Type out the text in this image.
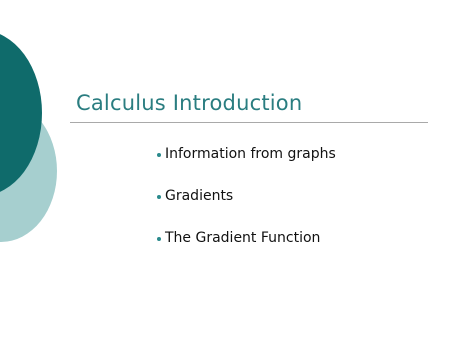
Calculus Introduction
Information from graphs
Gradients
The Gradient Function
